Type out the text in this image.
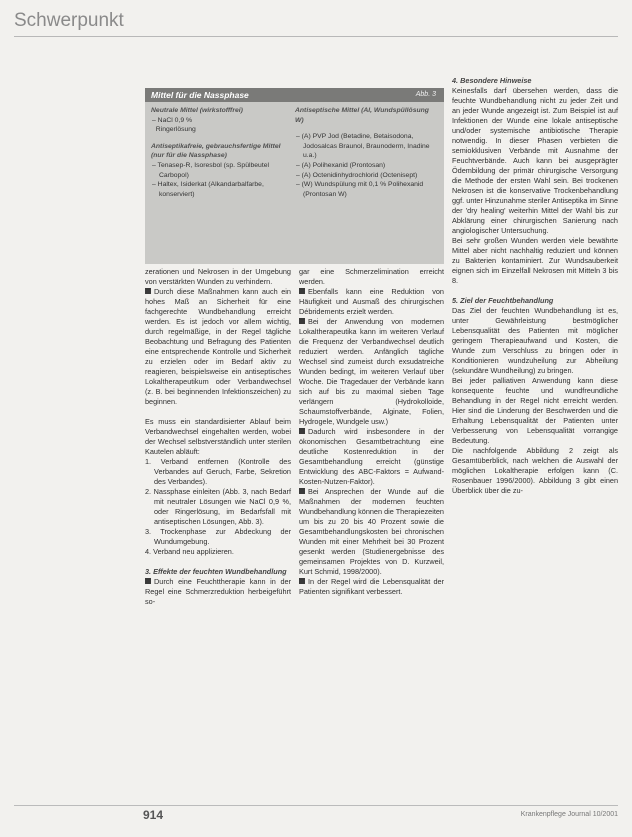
Schwerpunkt
Mittel für die Nassphase	Abb. 3
Neutrale Mittel (wirkstofffrei)
– NaCl 0,9 %
Ringerlösung
Antiseptikafreie, gebrauchsfertige Mittel (nur für die Nassphase)
– Tenasep-R, Isoresbol (sp. Spülbeutel Carbopol)
– Haltex, Isiderkat (Alkandarbalfarbe, konserviert)
Antiseptische Mittel (Al, Wundspüllösung W)
– (A) PVP Jod (Betadine, Betaisodona, Jodosalcas Braunol, Braunoderm, Inadine u.a.)
– (A) Polihexanid (Prontosan)
– (A) Octenidinhydrochlorid (Octenisept)
– (W) Wundspülung mit 0,1 % Polihexanid (Prontosan W)

zerationen und Nekrosen in der Umgebung von verstärkten Wunden zu verhindern.

Durch diese Maßnahmen kann auch ein hohes Maß an Sicherheit für eine fachgerechte Wundbehandlung erreicht werden. Es ist jedoch vor allem wichtig, durch regelmäßige, in der Regel tägliche Beobachtung und Befragung des Patienten eine entsprechende Kontrolle und Sicherheit zu erzielen oder im Bedarf aktiv zu reagieren, beispielsweise ein antiseptisches Lokaltherapeutikum oder Verbandwechsel (z. B. bei beginnenden Infektionszeichen) zu beginnen.

Es muss ein standardisierter Ablauf beim Verbandwechsel eingehalten werden, wobei der Wechsel selbstverständlich unter sterilen Kautelen abläuft:

1. Verband entfernen (Kontrolle des Verbandes auf Geruch, Farbe, Sekretion des Verbandes).

2. Nassphase einleiten (Abb. 3, nach Bedarf mit neutraler Lösungen wie NaCl 0,9 %, oder Ringerlösung, im Bedarfsfall mit antiseptischen Lösungen, Abb. 3).

3. Trockenphase zur Abdeckung der Wundumgebung.

4. Verband neu applizieren.

3. Effekte der feuchten Wundbehandlung

Durch eine Feuchttherapie kann in der Regel eine Schmerzreduktion herbeigeführt so-

gar eine Schmerzelimination erreicht werden.

Ebenfalls kann eine Reduktion von Häufigkeit und Ausmaß des chirurgischen Débridements erzielt werden.

Bei der Anwendung von modernen Lokaltherapeutika kann im weiteren Verlauf die Frequenz der Verbandwechsel deutlich reduziert werden. Anfänglich tägliche Wechsel sind zumeist durch exsudatreiche Wunden bedingt, im weiteren Verlauf über Woche. Die Tragedauer der Verbände kann sich auf bis zu maximal sieben Tage verlängern (Hydrokolloide, Schaumstoffverbände, Alginate, Folien, Hydrogele, Wundgele usw.)

Dadurch wird insbesondere in der ökonomischen Gesamtbetrachtung eine deutliche Kostenreduktion in der Gesamtbehandlung erreicht (günstige Entwicklung des ABC-Faktors = Aufwand-Kosten-Nutzen-Faktor).

Bei Ansprechen der Wunde auf die Maßnahmen der modernen feuchten Wundbehandlung können die Therapiezeiten um bis zu 20 bis 40 Prozent sowie die Gesamtbehandlungskosten bei chronischen Wunden mit einer Mehrheit bei 30 Prozent gesenkt werden (Studienergebnisse des gemeinsamen Projektes von D. Kurzweil, Kurt Schmid, 1998/2000).

In der Regel wird die Lebensqualität der Patienten signifikant verbessert.

4. Besondere Hinweise

Keinesfalls darf übersehen werden, dass die feuchte Wundbehandlung nicht zu jeder Zeit und an jeder Wunde angezeigt ist. Zum Beispiel ist auf Infektionen der Wunde eine lokale antiseptische und/oder systemische antibiotische Therapie notwendig. In dieser Phasen verbieten die semiokklusiven Verbände mit Ausnahme der Feuchtverbände. Auch kann bei ausgeprägter Ödembildung der primär chirurgische Versorgung die Methode der ersten Wahl sein. Bei trockenen Nekrosen ist die konservative Trockenbehandlung ggf. unter Hinzunahme steriler Antiseptika im Sinne der 'dry healing' weiterhin Mittel der Wahl bis zur Abklärung einer chirurgischen Sanierung nach angiologischer Untersuchung.

Bei sehr großen Wunden werden viele bewährte Mittel aber nicht nachhaltig reduziert und können zu Bakterien kontaminiert. Zur Wundsauberkeit eignen sich im Einzelfall Nekrosen mit Mitteln 3 bis 8.

5. Ziel der Feuchtbehandlung

Das Ziel der feuchten Wundbehandlung ist es, unter Gewährleistung bestmöglicher Lebensqualität des Patienten mit möglicher geringem Therapieaufwand und Kosten, die Wunde zum Verschluss zu bringen oder in Konditionieren wundzuheilung zur Abheilung (sekundäre Wundheilung) zu bringen.

Bei jeder palliativen Anwendung kann diese konsequente feuchte und wundfreundliche Behandlung in der Regel nicht erreicht werden. Hier sind die Linderung der Beschwerden und die Erhaltung Lebensqualität der Patienten unter Verbesserung von Lebensqualität vorrangige Bedeutung.

Die nachfolgende Abbildung 2 zeigt als Gesamtüberblick, nach welchen die Auswahl der möglichen Lokaltherapie erfolgen kann (C. Rosenbauer 1996/2000). Abbildung 3 gibt einen Überblick über die zu-

914	Krankenpflege Journal 10/2001
